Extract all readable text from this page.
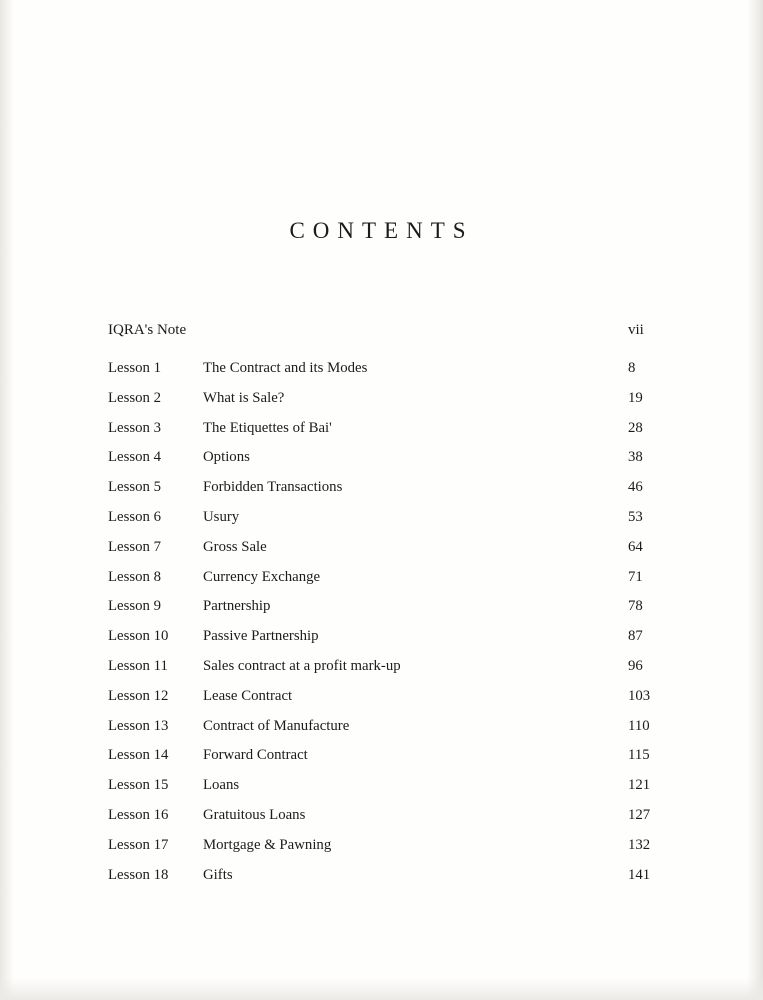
CONTENTS
IQRA's Note	vii
Lesson 1	The Contract and its Modes	8
Lesson 2	What is Sale?	19
Lesson 3	The Etiquettes of Bai'	28
Lesson 4	Options	38
Lesson 5	Forbidden Transactions	46
Lesson 6	Usury	53
Lesson 7	Gross Sale	64
Lesson 8	Currency Exchange	71
Lesson 9	Partnership	78
Lesson 10	Passive Partnership	87
Lesson 11	Sales contract at a profit mark-up	96
Lesson 12	Lease Contract	103
Lesson 13	Contract of Manufacture	110
Lesson 14	Forward Contract	115
Lesson 15	Loans	121
Lesson 16	Gratuitous Loans	127
Lesson 17	Mortgage & Pawning	132
Lesson 18	Gifts	141
